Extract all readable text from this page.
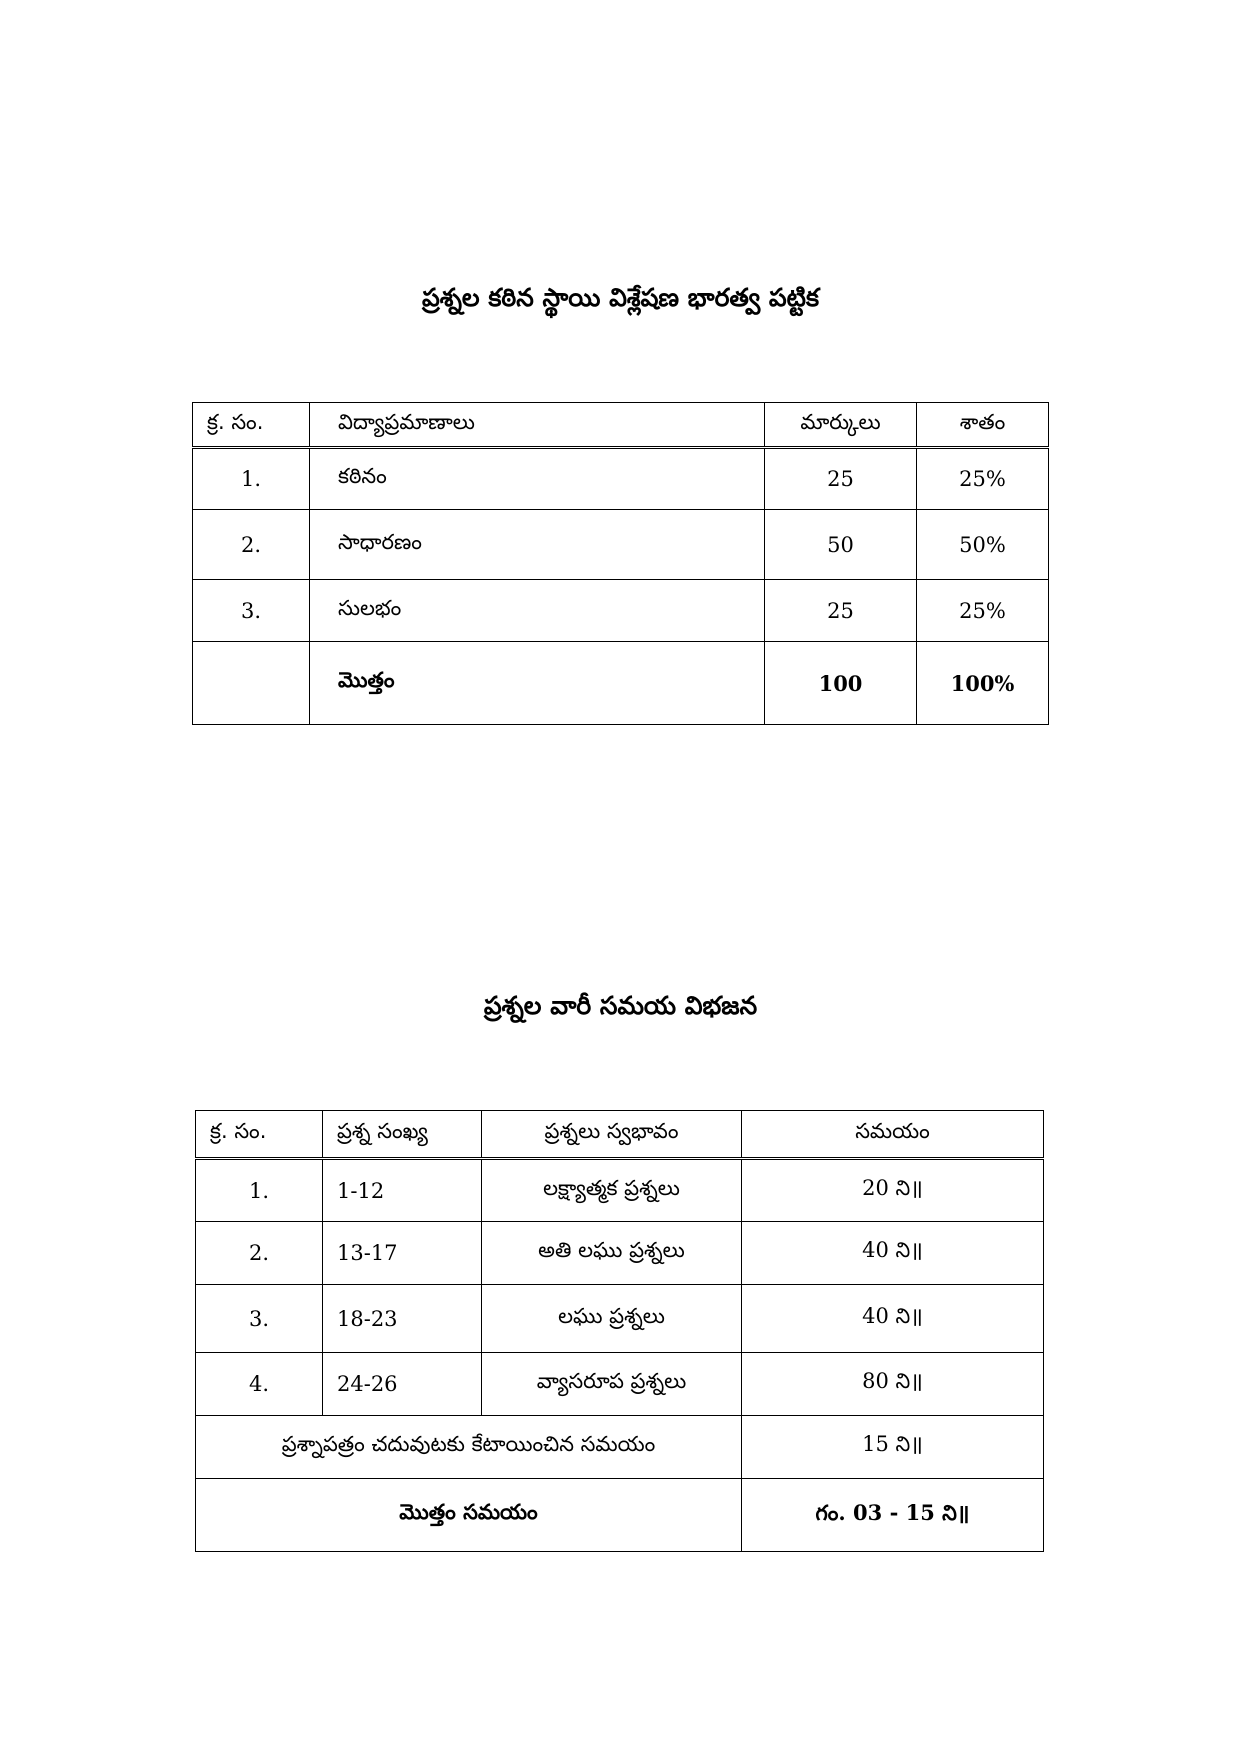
ప్రశ్నల కఠిన స్థాయి విశ్లేషణ భారత్వ పట్టిక
క్ర. సం.	విద్యాప్రమాణాలు	మార్కులు	శాతం
1.	కఠినం	25	25%
2.	సాధారణం	50	50%
3.	సులభం	25	25%
	మొత్తం	100	100%
ప్రశ్నల వారీ సమయ విభజన
క్ర. సం.	ప్రశ్న సంఖ్య	ప్రశ్నలు స్వభావం	సమయం
1.	1-12	లక్ష్యాత్మక ప్రశ్నలు	20 ని॥
2.	13-17	అతి లఘు ప్రశ్నలు	40 ని॥
3.	18-23	లఘు ప్రశ్నలు	40 ని॥
4.	24-26	వ్యాసరూప ప్రశ్నలు	80 ని॥
ప్రశ్నాపత్రం చదువుటకు కేటాయించిన సమయం			15 ని॥
మొత్తం సమయం			గం. 03 - 15 ని॥
